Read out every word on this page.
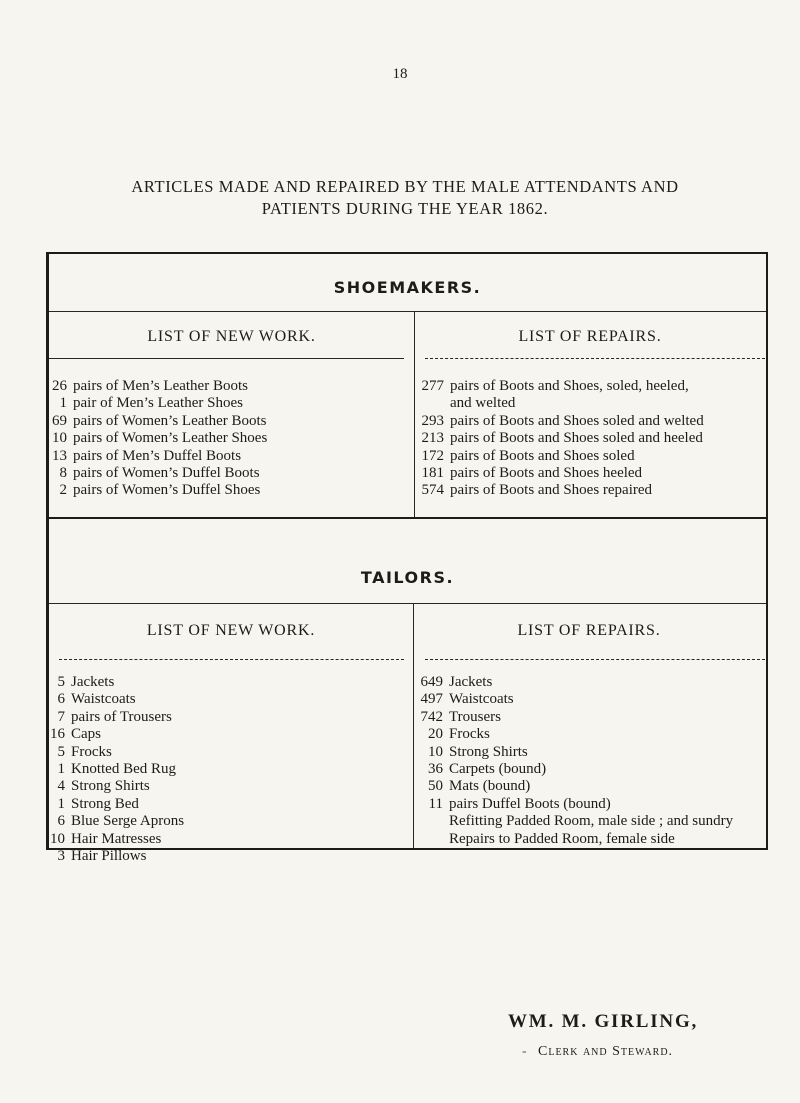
18
ARTICLES MADE AND REPAIRED BY THE MALE ATTENDANTS AND
PATIENTS DURING THE YEAR 1862.
SHOEMAKERS.
LIST OF NEW WORK.	LIST OF REPAIRS.
26 pairs of Men’s Leather Boots
1 pair of Men’s Leather Shoes
69 pairs of Women’s Leather Boots
10 pairs of Women’s Leather Shoes
13 pairs of Men’s Duffel Boots
8 pairs of Women’s Duffel Boots
2 pairs of Women’s Duffel Shoes
277 pairs of Boots and Shoes, soled, heeled,
and welted
293 pairs of Boots and Shoes soled and welted
213 pairs of Boots and Shoes soled and heeled
172 pairs of Boots and Shoes soled
181 pairs of Boots and Shoes heeled
574 pairs of Boots and Shoes repaired
TAILORS.
LIST OF NEW WORK.	LIST OF REPAIRS.
5 Jackets
6 Waistcoats
7 pairs of Trousers
16 Caps
5 Frocks
1 Knotted Bed Rug
4 Strong Shirts
1 Strong Bed
6 Blue Serge Aprons
10 Hair Matresses
3 Hair Pillows
649 Jackets
497 Waistcoats
742 Trousers
20 Frocks
10 Strong Shirts
36 Carpets (bound)
50 Mats (bound)
11 pairs Duffel Boots (bound)
Refitting Padded Room, male side ; and sundry
Repairs to Padded Room, female side
WM. M. GIRLING,
- Clerk and Steward.
